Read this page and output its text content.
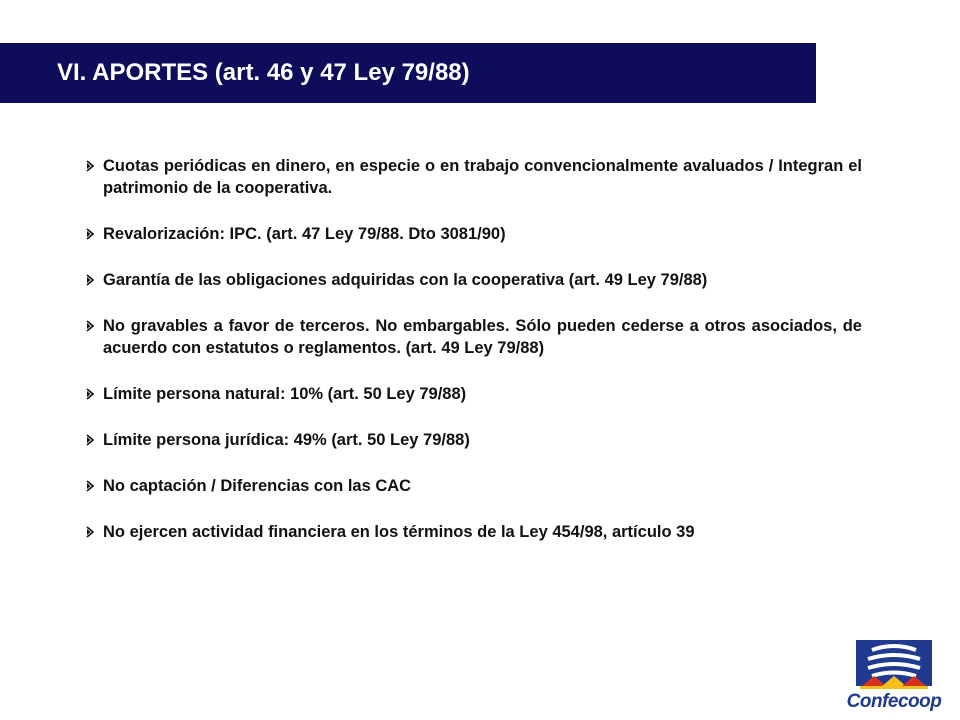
VI. APORTES (art. 46 y 47 Ley 79/88)
Cuotas periódicas en dinero, en especie o en trabajo convencionalmente avaluados / Integran el patrimonio de la cooperativa.
Revalorización: IPC. (art. 47 Ley 79/88. Dto 3081/90)
Garantía de las obligaciones adquiridas con la cooperativa (art. 49 Ley 79/88)
No gravables a favor de terceros. No embargables. Sólo pueden cederse a otros asociados, de acuerdo con estatutos o reglamentos. (art. 49 Ley 79/88)
Límite persona natural: 10% (art. 50 Ley 79/88)
Límite persona jurídica: 49% (art. 50 Ley 79/88)
No captación / Diferencias con las CAC
No ejercen actividad financiera en los términos de la Ley 454/98, artículo 39
Confecoop
